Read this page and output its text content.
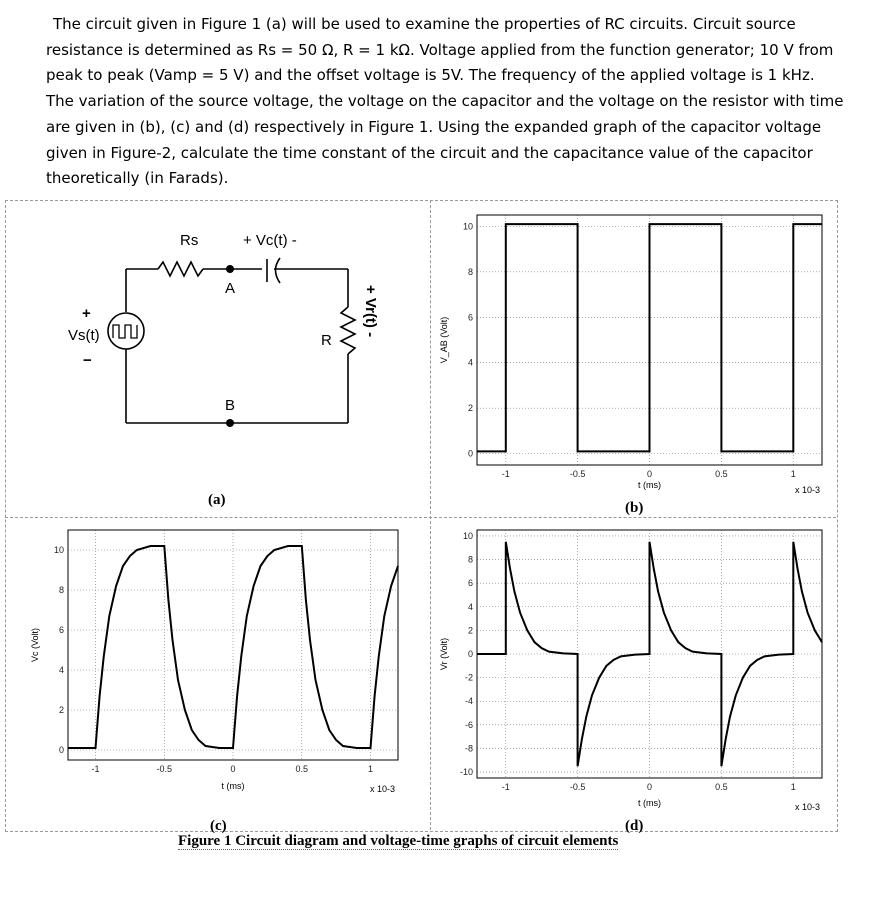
The circuit given in Figure 1 (a) will be used to examine the properties of RC circuits. Circuit source resistance is determined as Rs = 50 Ω, R = 1 kΩ. Voltage applied from the function generator; 10 V from peak to peak (Vamp = 5 V) and the offset voltage is 5V. The frequency of the applied voltage is 1 kHz. The variation of the source voltage, the voltage on the capacitor and the voltage on the resistor with time are given in (b), (c) and (d) respectively in Figure 1. Using the expanded graph of the capacitor voltage given in Figure-2, calculate the time constant of the circuit and the capacitance value of the capacitor theoretically (in Farads).

Rs	+ Vc(t) -
A
B
+
Vs(t)
−
R
+ Vr(t) -
(a)
-1	-0.5	0	0.5	1
0
2
4
6
8
10
t (ms)
V_AB (Volt)
x 10-3
-1	-0.5	0	0.5	1
0
2
4
6
8
10
t (ms)
Vc (Volt)
x 10-3	-1	-0.5	0	0.5	1
-10
-8
-6
-4
-2
0
2
4
6
8
10
t (ms)
Vr (Volt)
x 10-3
(b)
(c)	(d)
Figure 1 Circuit diagram and voltage-time graphs of circuit elements
